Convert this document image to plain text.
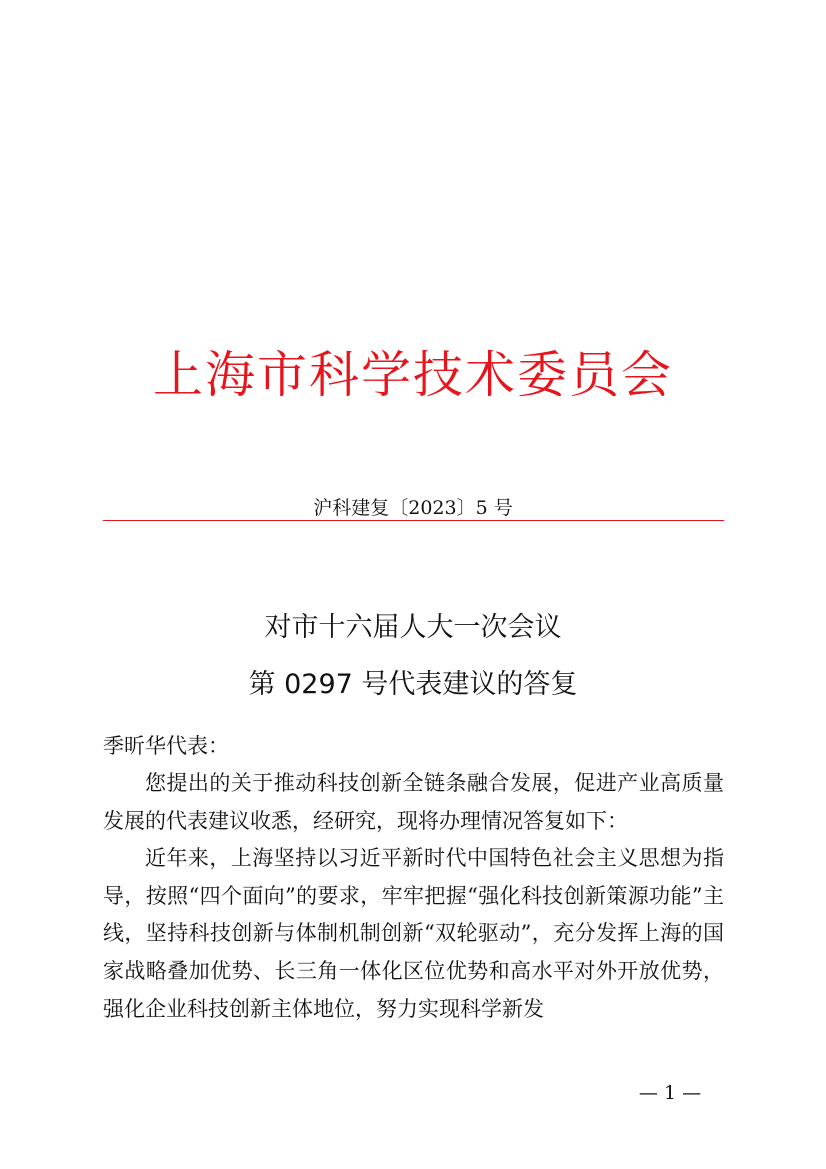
上海市科学技术委员会
沪科建复〔2023〕5 号
对市十六届人大一次会议
第 0297 号代表建议的答复
季昕华代表：
您提出的关于推动科技创新全链条融合发展，促进产业高质量发展的代表建议收悉，经研究，现将办理情况答复如下：
近年来，上海坚持以习近平新时代中国特色社会主义思想为指导，按照“四个面向”的要求，牢牢把握“强化科技创新策源功能”主线，坚持科技创新与体制机制创新“双轮驱动”，充分发挥上海的国家战略叠加优势、长三角一体化区位优势和高水平对外开放优势，强化企业科技创新主体地位，努力实现科学新发
— 1 —
